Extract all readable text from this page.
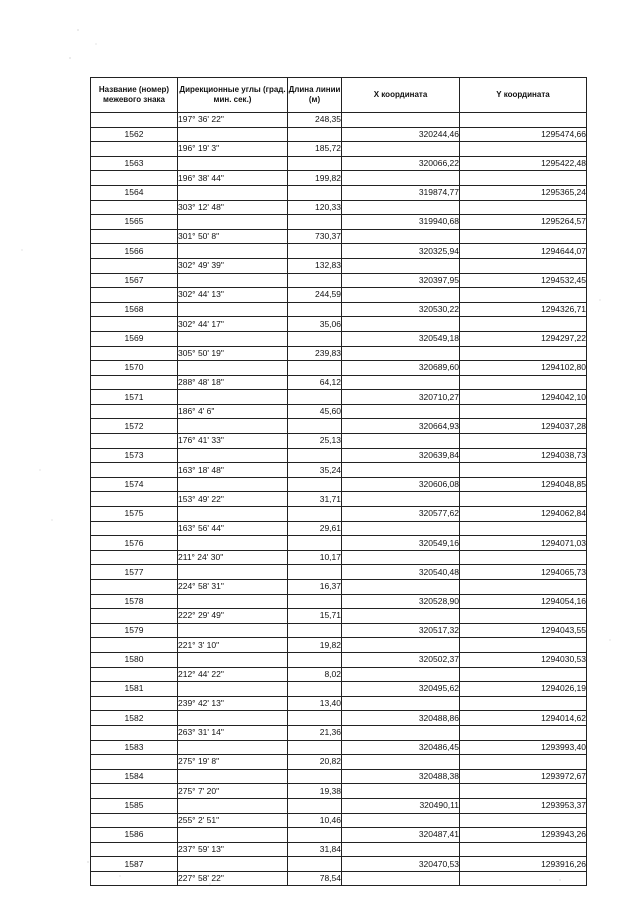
Название (номер) межевого знака	Дирекционные углы (град. мин. сек.)	Длина линии (м)	X координата	Y координата
	197° 36' 22"	248,35		
1562			320244,46	1295474,66
	196° 19' 3"	185,72		
1563			320066,22	1295422,48
	196° 38' 44"	199,82		
1564			319874,77	1295365,24
	303° 12' 48"	120,33		
1565			319940,68	1295264,57
	301° 50' 8"	730,37		
1566			320325,94	1294644,07
	302° 49' 39"	132,83		
1567			320397,95	1294532,45
	302° 44' 13"	244,59		
1568			320530,22	1294326,71
	302° 44' 17"	35,06		
1569			320549,18	1294297,22
	305° 50' 19"	239,83		
1570			320689,60	1294102,80
	288° 48' 18"	64,12		
1571			320710,27	1294042,10
	186° 4' 6"	45,60		
1572			320664,93	1294037,28
	176° 41' 33"	25,13		
1573			320639,84	1294038,73
	163° 18' 48"	35,24		
1574			320606,08	1294048,85
	153° 49' 22"	31,71		
1575			320577,62	1294062,84
	163° 56' 44"	29,61		
1576			320549,16	1294071,03
	211° 24' 30"	10,17		
1577			320540,48	1294065,73
	224° 58' 31"	16,37		
1578			320528,90	1294054,16
	222° 29' 49"	15,71		
1579			320517,32	1294043,55
	221° 3' 10"	19,82		
1580			320502,37	1294030,53
	212° 44' 22"	8,02		
1581			320495,62	1294026,19
	239° 42' 13"	13,40		
1582			320488,86	1294014,62
	263° 31' 14"	21,36		
1583			320486,45	1293993,40
	275° 19' 8"	20,82		
1584			320488,38	1293972,67
	275° 7' 20"	19,38		
1585			320490,11	1293953,37
	255° 2' 51"	10,46		
1586			320487,41	1293943,26
	237° 59' 13"	31,84		
1587			320470,53	1293916,26
	227° 58' 22"	78,54		
